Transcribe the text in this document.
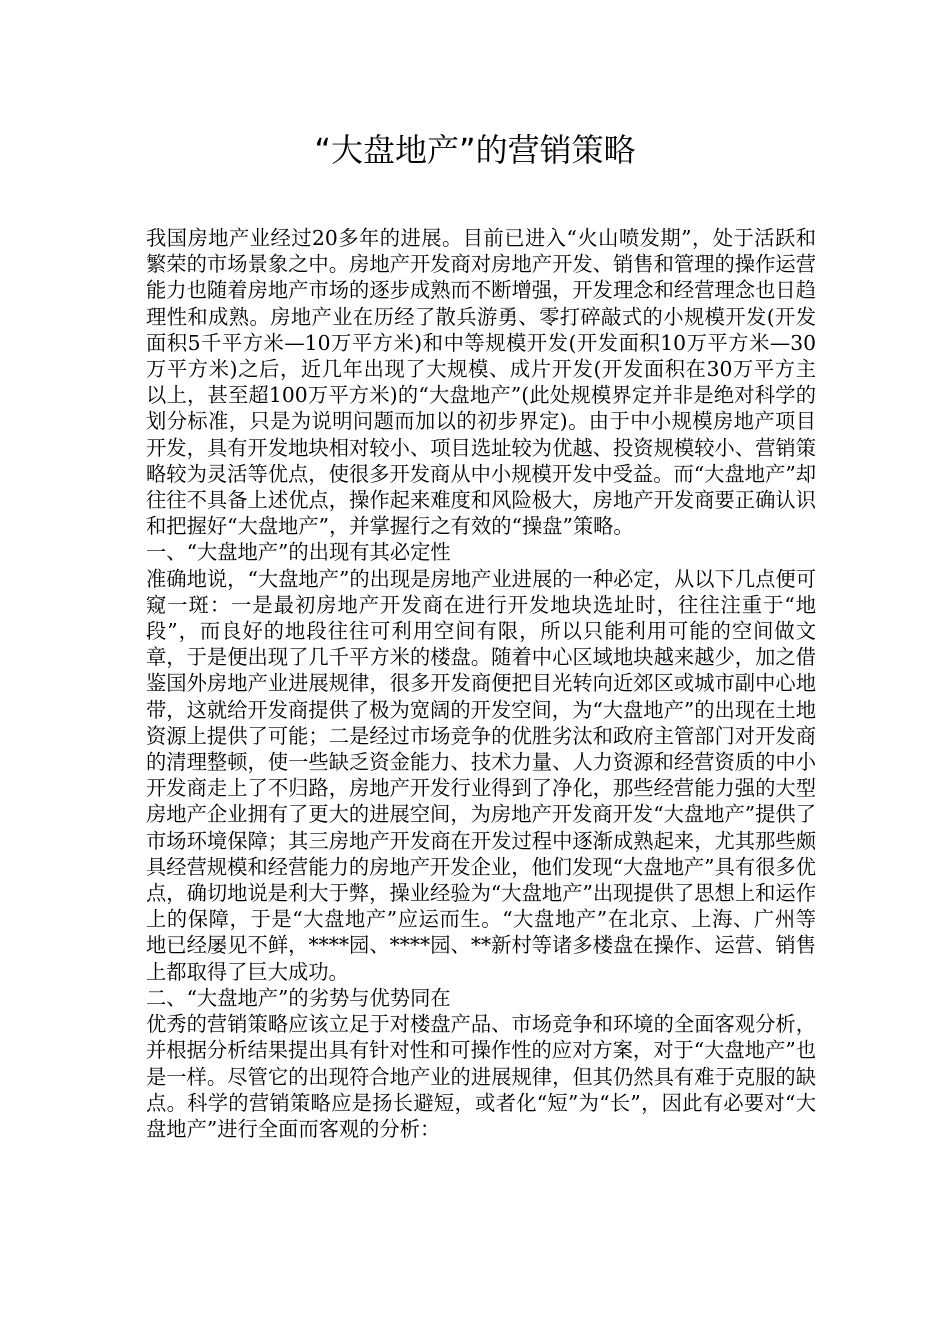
“大盘地产”的营销策略

我国房地产业经过20多年的进展。目前已进入“火山喷发期”，处于活跃和繁荣的市场景象之中。房地产开发商对房地产开发、销售和管理的操作运营能力也随着房地产市场的逐步成熟而不断增强，开发理念和经营理念也日趋理性和成熟。房地产业在历经了散兵游勇、零打碎敲式的小规模开发(开发面积5千平方米—10万平方米)和中等规模开发(开发面积10万平方米—30万平方米)之后，近几年出现了大规模、成片开发(开发面积在30万平方主以上，甚至超100万平方米)的“大盘地产”(此处规模界定并非是绝对科学的划分标准，只是为说明问题而加以的初步界定)。由于中小规模房地产项目开发，具有开发地块相对较小、项目选址较为优越、投资规模较小、营销策略较为灵活等优点，使很多开发商从中小规模开发中受益。而“大盘地产”却往往不具备上述优点，操作起来难度和风险极大，房地产开发商要正确认识和把握好“大盘地产”，并掌握行之有效的“操盘”策略。

一、“大盘地产”的出现有其必定性

准确地说，“大盘地产”的出现是房地产业进展的一种必定，从以下几点便可窥一斑：一是最初房地产开发商在进行开发地块选址时，往往注重于“地段”，而良好的地段往往可利用空间有限，所以只能利用可能的空间做文章，于是便出现了几千平方米的楼盘。随着中心区域地块越来越少，加之借鉴国外房地产业进展规律，很多开发商便把目光转向近郊区或城市副中心地带，这就给开发商提供了极为宽阔的开发空间，为“大盘地产”的出现在土地资源上提供了可能；二是经过市场竞争的优胜劣汰和政府主管部门对开发商的清理整顿，使一些缺乏资金能力、技术力量、人力资源和经营资质的中小开发商走上了不归路，房地产开发行业得到了净化，那些经营能力强的大型房地产企业拥有了更大的进展空间，为房地产开发商开发“大盘地产”提供了市场环境保障；其三房地产开发商在开发过程中逐渐成熟起来，尤其那些颇具经营规模和经营能力的房地产开发企业，他们发现“大盘地产”具有很多优点，确切地说是利大于弊，操业经验为“大盘地产”出现提供了思想上和运作上的保障，于是“大盘地产”应运而生。“大盘地产”在北京、上海、广州等地已经屡见不鲜，****园、****园、**新村等诸多楼盘在操作、运营、销售上都取得了巨大成功。

二、“大盘地产”的劣势与优势同在

优秀的营销策略应该立足于对楼盘产品、市场竞争和环境的全面客观分析，并根据分析结果提出具有针对性和可操作性的应对方案，对于“大盘地产”也是一样。尽管它的出现符合地产业的进展规律，但其仍然具有难于克服的缺点。科学的营销策略应是扬长避短，或者化“短”为“长”，因此有必要对“大盘地产”进行全面而客观的分析：
